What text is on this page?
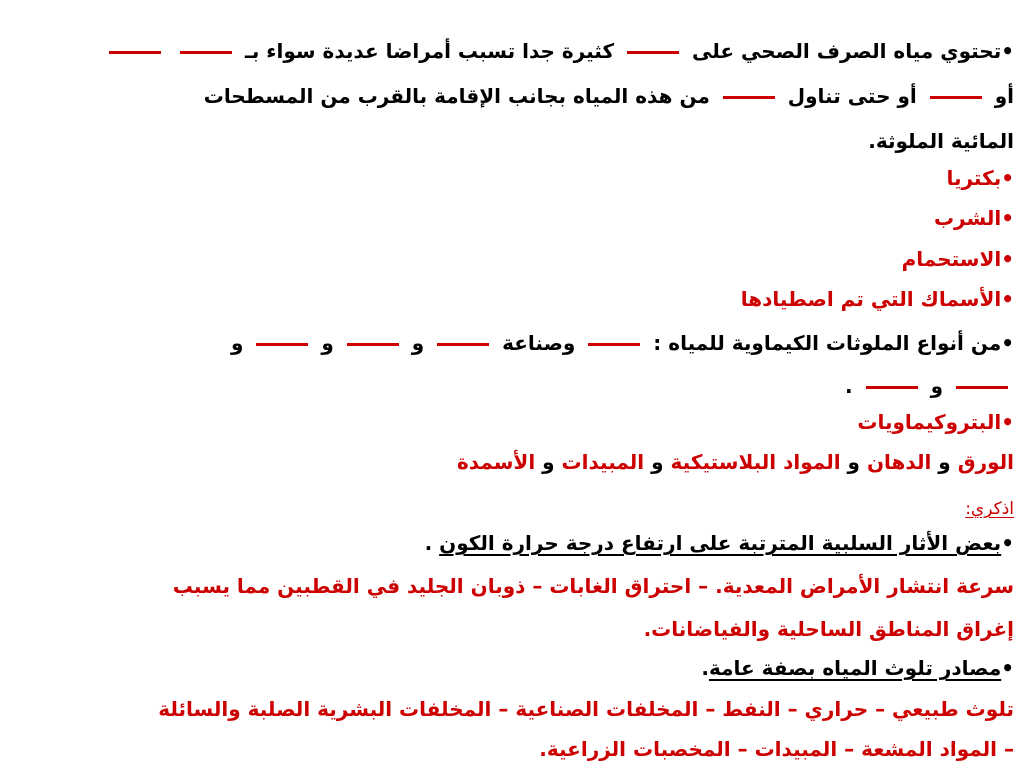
•تحتوي مياه الصرف الصحي على  كثيرة جدا تسبب أمراضا عديدة سواء بـ
أو  أو حتى تناول  من هذه المياه بجانب الإقامة بالقرب من المسطحات
المائية الملوثة.
•بكتريا
•الشرب
•الاستحمام
•الأسماك التي تم اصطيادها
•من أنواع الملوثات الكيماوية للمياه :  وصناعة  و  و  و
و  .
•البتروكيماويات
الورق و الدهان و المواد البلاستيكية و المبيدات و الأسمدة
اذكري:
•بعض الأثار السلبية المترتبة على ارتفاع درجة حرارة الكون .
سرعة انتشار الأمراض المعدية. – احتراق الغابات – ذوبان الجليد في القطبين مما يسبب
إغراق المناطق الساحلية والفياضانات.
•مصادر تلوث المياه بصفة عامة.
تلوث طبيعي – حراري – النفط – المخلفات الصناعية – المخلفات البشرية الصلبة والسائلة
– المواد المشعة – المبيدات – المخصبات الزراعية.
